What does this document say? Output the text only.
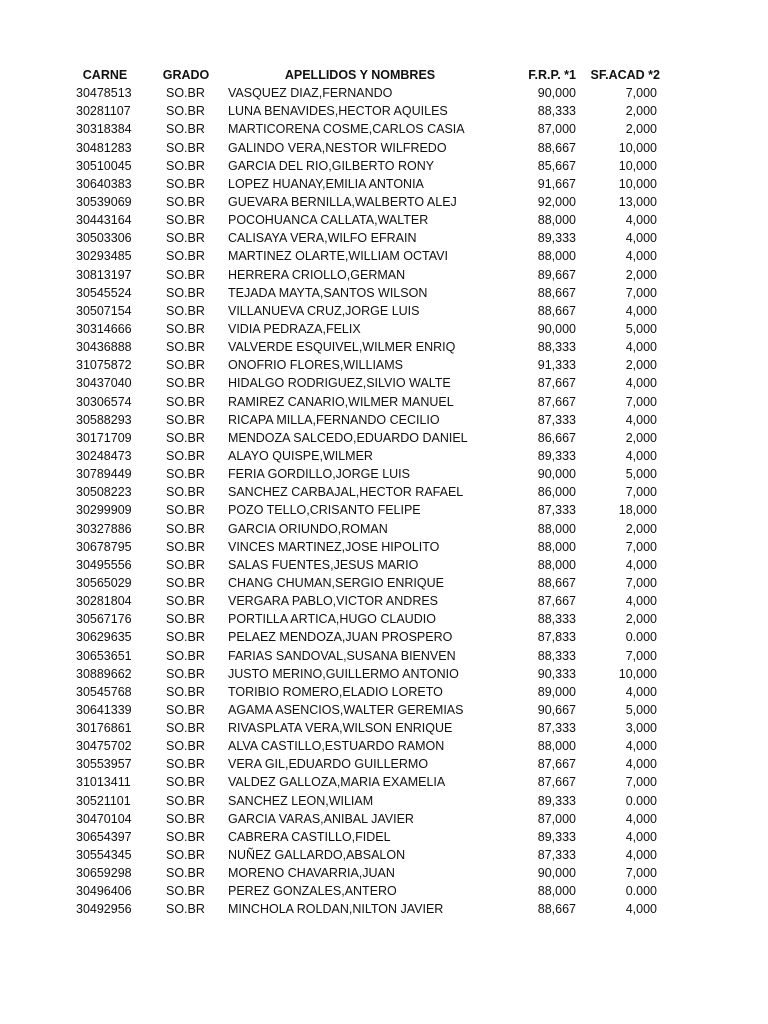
CARNE	GRADO	APELLIDOS Y NOMBRES	F.R.P. *1	SF.ACAD *2
30478513	SO.BR	VASQUEZ DIAZ,FERNANDO	90,000	7,000
30281107	SO.BR	LUNA BENAVIDES,HECTOR AQUILES	88,333	2,000
30318384	SO.BR	MARTICORENA COSME,CARLOS CASIA	87,000	2,000
30481283	SO.BR	GALINDO VERA,NESTOR WILFREDO	88,667	10,000
30510045	SO.BR	GARCIA DEL RIO,GILBERTO RONY	85,667	10,000
30640383	SO.BR	LOPEZ HUANAY,EMILIA ANTONIA	91,667	10,000
30539069	SO.BR	GUEVARA BERNILLA,WALBERTO ALEJ	92,000	13,000
30443164	SO.BR	POCOHUANCA CALLATA,WALTER	88,000	4,000
30503306	SO.BR	CALISAYA VERA,WILFO EFRAIN	89,333	4,000
30293485	SO.BR	MARTINEZ OLARTE,WILLIAM OCTAVI	88,000	4,000
30813197	SO.BR	HERRERA CRIOLLO,GERMAN	89,667	2,000
30545524	SO.BR	TEJADA MAYTA,SANTOS WILSON	88,667	7,000
30507154	SO.BR	VILLANUEVA CRUZ,JORGE LUIS	88,667	4,000
30314666	SO.BR	VIDIA PEDRAZA,FELIX	90,000	5,000
30436888	SO.BR	VALVERDE ESQUIVEL,WILMER ENRIQ	88,333	4,000
31075872	SO.BR	ONOFRIO FLORES,WILLIAMS	91,333	2,000
30437040	SO.BR	HIDALGO RODRIGUEZ,SILVIO WALTE	87,667	4,000
30306574	SO.BR	RAMIREZ CANARIO,WILMER MANUEL	87,667	7,000
30588293	SO.BR	RICAPA MILLA,FERNANDO CECILIO	87,333	4,000
30171709	SO.BR	MENDOZA SALCEDO,EDUARDO DANIEL	86,667	2,000
30248473	SO.BR	ALAYO QUISPE,WILMER	89,333	4,000
30789449	SO.BR	FERIA GORDILLO,JORGE LUIS	90,000	5,000
30508223	SO.BR	SANCHEZ CARBAJAL,HECTOR RAFAEL	86,000	7,000
30299909	SO.BR	POZO TELLO,CRISANTO FELIPE	87,333	18,000
30327886	SO.BR	GARCIA ORIUNDO,ROMAN	88,000	2,000
30678795	SO.BR	VINCES MARTINEZ,JOSE HIPOLITO	88,000	7,000
30495556	SO.BR	SALAS FUENTES,JESUS MARIO	88,000	4,000
30565029	SO.BR	CHANG CHUMAN,SERGIO ENRIQUE	88,667	7,000
30281804	SO.BR	VERGARA PABLO,VICTOR ANDRES	87,667	4,000
30567176	SO.BR	PORTILLA ARTICA,HUGO CLAUDIO	88,333	2,000
30629635	SO.BR	PELAEZ MENDOZA,JUAN PROSPERO	87,833	0.000
30653651	SO.BR	FARIAS SANDOVAL,SUSANA BIENVEN	88,333	7,000
30889662	SO.BR	JUSTO MERINO,GUILLERMO ANTONIO	90,333	10,000
30545768	SO.BR	TORIBIO ROMERO,ELADIO LORETO	89,000	4,000
30641339	SO.BR	AGAMA ASENCIOS,WALTER GEREMIAS	90,667	5,000
30176861	SO.BR	RIVASPLATA VERA,WILSON ENRIQUE	87,333	3,000
30475702	SO.BR	ALVA CASTILLO,ESTUARDO RAMON	88,000	4,000
30553957	SO.BR	VERA GIL,EDUARDO GUILLERMO	87,667	4,000
31013411	SO.BR	VALDEZ GALLOZA,MARIA EXAMELIA	87,667	7,000
30521101	SO.BR	SANCHEZ LEON,WILIAM	89,333	0.000
30470104	SO.BR	GARCIA VARAS,ANIBAL JAVIER	87,000	4,000
30654397	SO.BR	CABRERA CASTILLO,FIDEL	89,333	4,000
30554345	SO.BR	NUÑEZ GALLARDO,ABSALON	87,333	4,000
30659298	SO.BR	MORENO CHAVARRIA,JUAN	90,000	7,000
30496406	SO.BR	PEREZ GONZALES,ANTERO	88,000	0.000
30492956	SO.BR	MINCHOLA ROLDAN,NILTON JAVIER	88,667	4,000
